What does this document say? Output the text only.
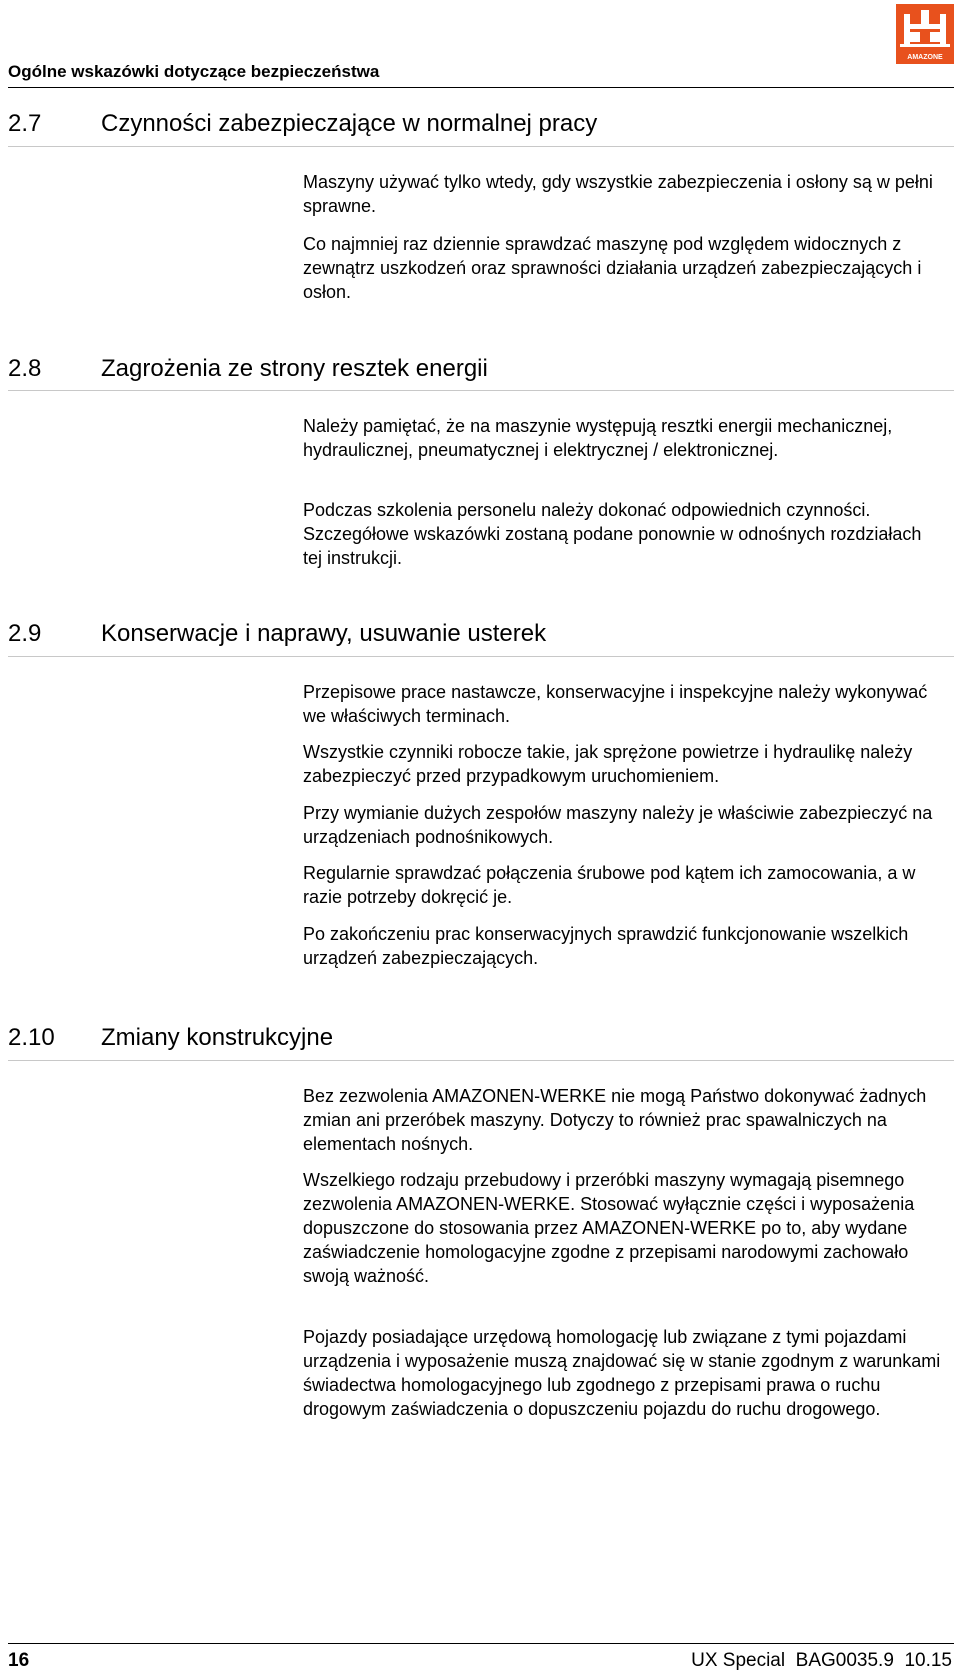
Ogólne wskazówki dotyczące bezpieczeństwa
AMAZONE
2.7 Czynności zabezpieczające w normalnej pracy
Maszyny używać tylko wtedy, gdy wszystkie zabezpieczenia i osłony są w pełni sprawne.
Co najmniej raz dziennie sprawdzać maszynę pod względem widocznych z zewnątrz uszkodzeń oraz sprawności działania urządzeń zabezpieczających i osłon.
2.8 Zagrożenia ze strony resztek energii
Należy pamiętać, że na maszynie występują resztki energii mechanicznej, hydraulicznej, pneumatycznej i elektrycznej / elektronicznej.
Podczas szkolenia personelu należy dokonać odpowiednich czynności. Szczegółowe wskazówki zostaną podane ponownie w odnośnych rozdziałach tej instrukcji.
2.9 Konserwacje i naprawy, usuwanie usterek
Przepisowe prace nastawcze, konserwacyjne i inspekcyjne należy wykonywać we właściwych terminach.
Wszystkie czynniki robocze takie, jak sprężone powietrze i hydraulikę należy zabezpieczyć przed przypadkowym uruchomieniem.
Przy wymianie dużych zespołów maszyny należy je właściwie zabezpieczyć na urządzeniach podnośnikowych.
Regularnie sprawdzać połączenia śrubowe pod kątem ich zamocowania, a w razie potrzeby dokręcić je.
Po zakończeniu prac konserwacyjnych sprawdzić funkcjonowanie wszelkich urządzeń zabezpieczających.
2.10 Zmiany konstrukcyjne
Bez zezwolenia AMAZONEN-WERKE nie mogą Państwo dokonywać żadnych zmian ani przeróbek maszyny. Dotyczy to również prac spawalniczych na elementach nośnych.
Wszelkiego rodzaju przebudowy i przeróbki maszyny wymagają pisemnego zezwolenia AMAZONEN-WERKE. Stosować wyłącznie części i wyposażenia dopuszczone do stosowania przez AMAZONEN-WERKE po to, aby wydane zaświadczenie homologacyjne zgodne z przepisami narodowymi zachowało swoją ważność.
Pojazdy posiadające urzędową homologację lub związane z tymi pojazdami urządzenia i wyposażenie muszą znajdować się w stanie zgodnym z warunkami świadectwa homologacyjnego lub zgodnego z przepisami prawa o ruchu drogowym zaświadczenia o dopuszczeniu pojazdu do ruchu drogowego.
16	UX Special  BAG0035.9  10.15
